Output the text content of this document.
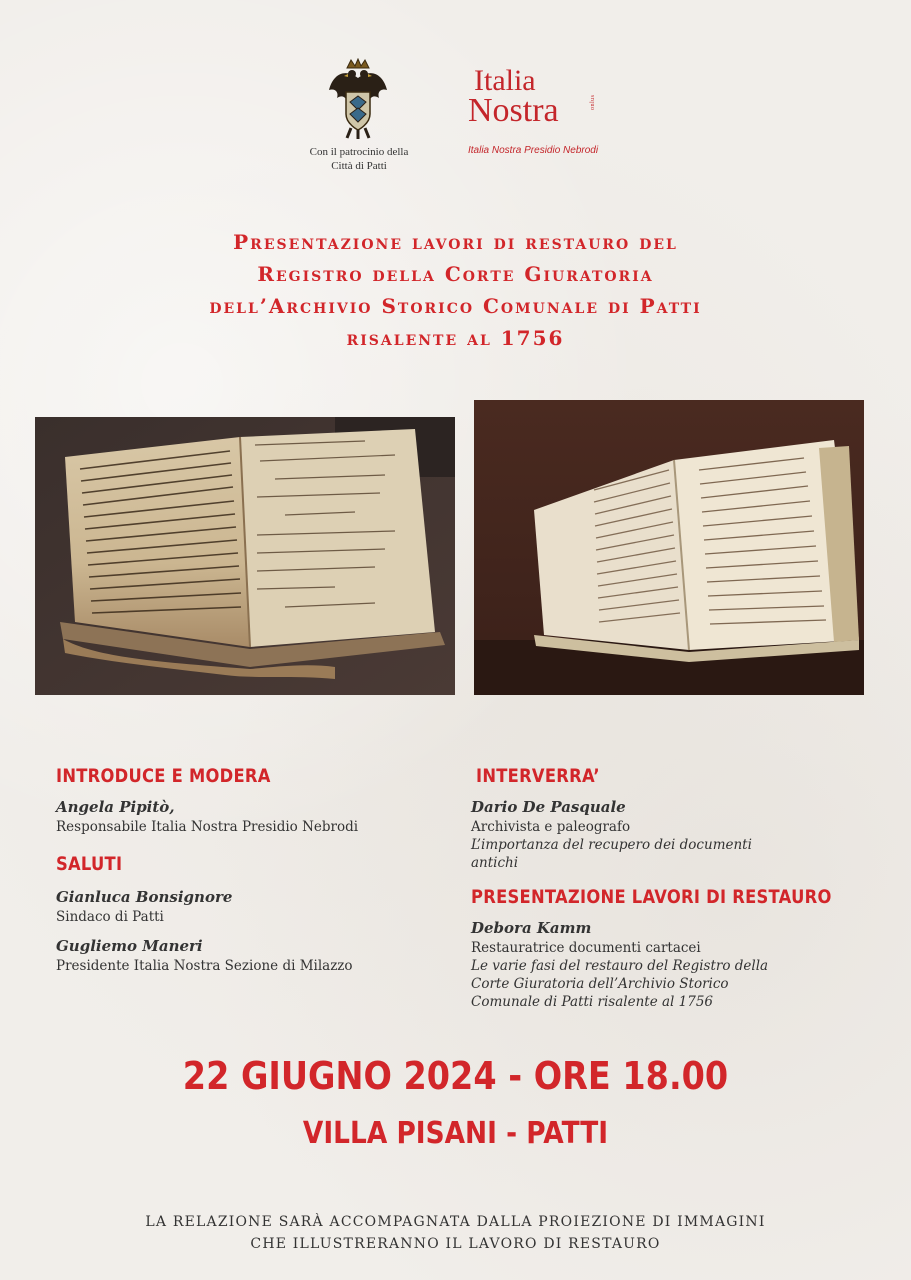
Con il patrocinio della
Città di Patti
Italia
Nostra	onlus
Italia Nostra Presidio Nebrodi
Presentazione lavori di restauro del
Registro della Corte Giuratoria
dell’Archivio Storico Comunale di Patti
risalente al 1756
INTRODUCE E MODERA
Angela Pipitò,
Responsabile Italia Nostra Presidio Nebrodi
SALUTI
Gianluca Bonsignore
Sindaco di Patti
Gugliemo Maneri
Presidente Italia Nostra Sezione di Milazzo
INTERVERRA’
Dario De Pasquale
Archivista e paleografo
L’importanza del recupero dei documenti
antichi
PRESENTAZIONE LAVORI DI RESTAURO
Debora Kamm
Restauratrice documenti cartacei
Le varie fasi del restauro del Registro della
Corte Giuratoria dell’Archivio Storico
Comunale di Patti risalente al 1756
22 GIUGNO 2024 - ORE 18.00
VILLA PISANI - PATTI
LA RELAZIONE SARÀ ACCOMPAGNATA DALLA PROIEZIONE DI IMMAGINI
CHE ILLUSTRERANNO IL LAVORO DI RESTAURO
